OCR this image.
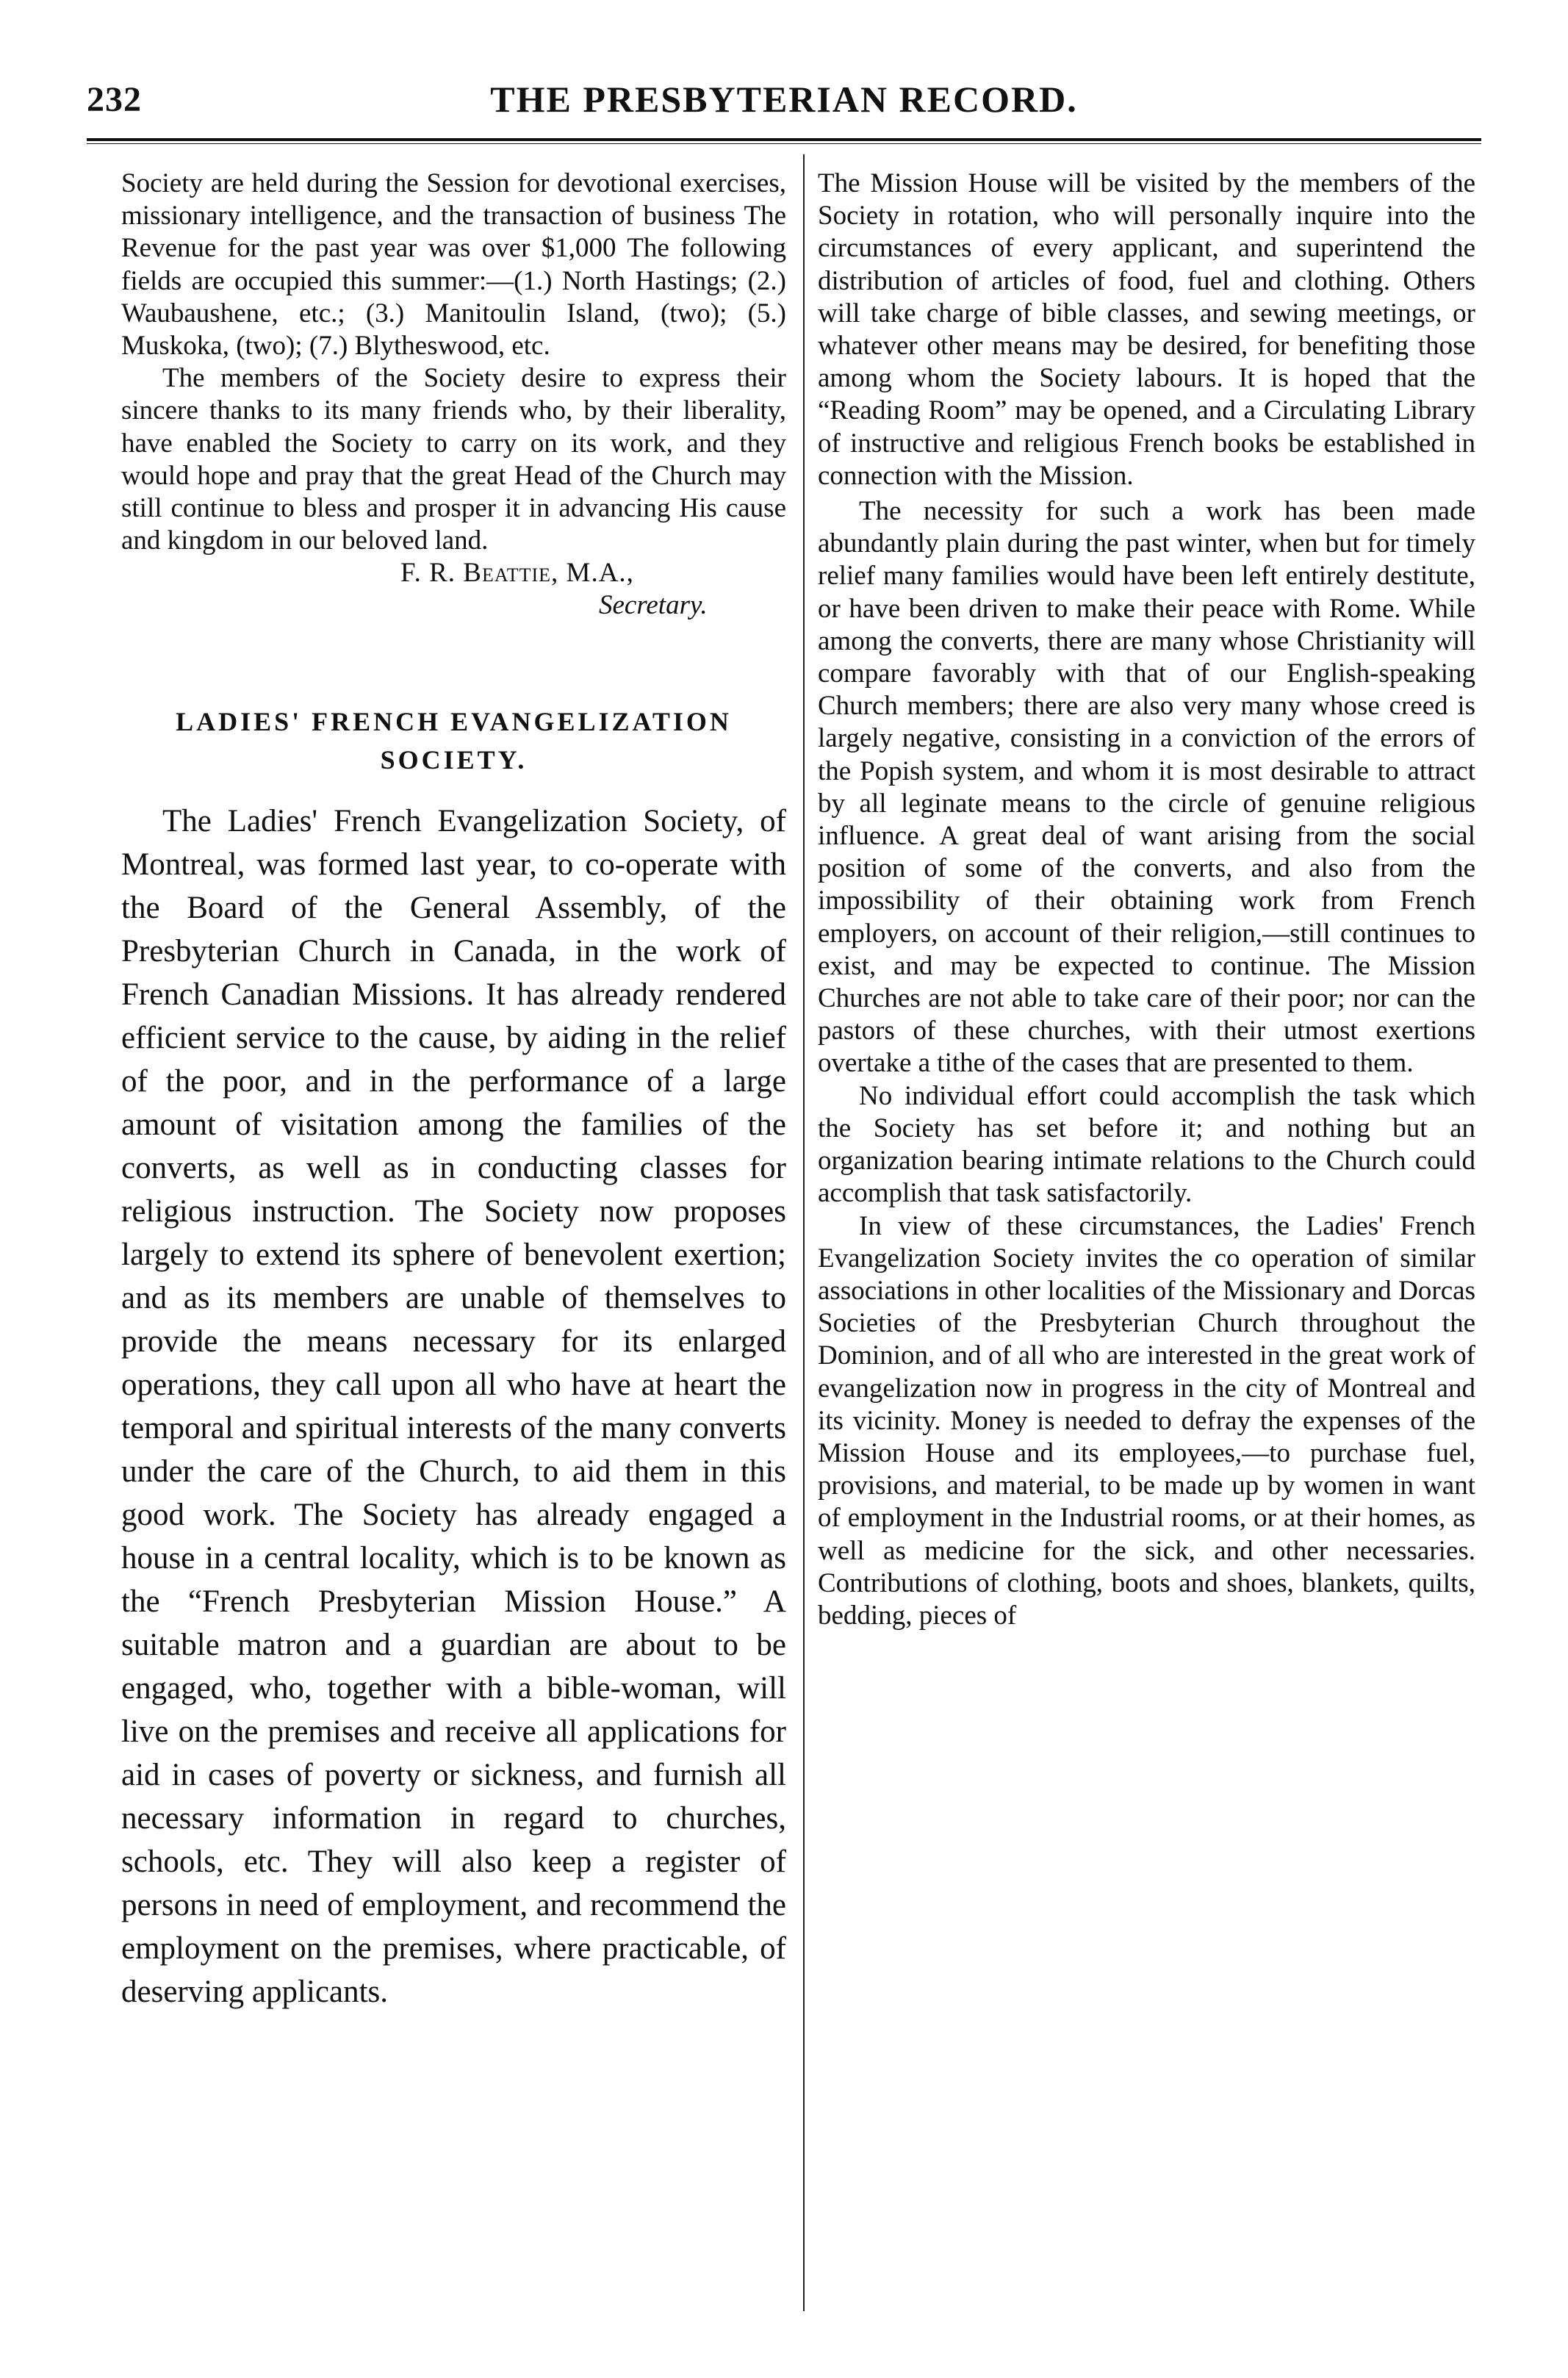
232	THE PRESBYTERIAN RECORD.

Society are held during the Session for devotional exercises, missionary intelligence, and the transaction of business The Revenue for the past year was over $1,000 The following fields are occupied this summer:—(1.) North Hastings; (2.) Waubaushene, etc.; (3.) Manitoulin Island, (two); (5.) Muskoka, (two); (7.) Blytheswood, etc.

The members of the Society desire to express their sincere thanks to its many friends who, by their liberality, have enabled the Society to carry on its work, and they would hope and pray that the great Head of the Church may still continue to bless and prosper it in advancing His cause and kingdom in our beloved land.

F. R. Beattie, M.A.,
Secretary.
LADIES' FRENCH EVANGELIZATION SOCIETY.

The Ladies' French Evangelization Society, of Montreal, was formed last year, to co-operate with the Board of the General Assembly, of the Presbyterian Church in Canada, in the work of French Canadian Missions. It has already rendered efficient service to the cause, by aiding in the relief of the poor, and in the performance of a large amount of visitation among the families of the converts, as well as in conducting classes for religious instruction. The Society now proposes largely to extend its sphere of benevolent exertion; and as its members are unable of themselves to provide the means necessary for its enlarged operations, they call upon all who have at heart the temporal and spiritual interests of the many converts under the care of the Church, to aid them in this good work. The Society has already engaged a house in a central locality, which is to be known as the “French Presbyterian Mission House.” A suitable matron and a guardian are about to be engaged, who, together with a bible-woman, will live on the premises and receive all applications for aid in cases of poverty or sickness, and furnish all necessary information in regard to churches, schools, etc. They will also keep a register of persons in need of employment, and recommend the employment on the premises, where practicable, of deserving applicants.

The Mission House will be visited by the members of the Society in rotation, who will personally inquire into the circumstances of every applicant, and superintend the distribution of articles of food, fuel and clothing. Others will take charge of bible classes, and sewing meetings, or whatever other means may be desired, for benefiting those among whom the Society labours. It is hoped that the “Reading Room” may be opened, and a Circulating Library of instructive and religious French books be established in connection with the Mission.

The necessity for such a work has been made abundantly plain during the past winter, when but for timely relief many families would have been left entirely destitute, or have been driven to make their peace with Rome. While among the converts, there are many whose Christianity will compare favorably with that of our English-speaking Church members; there are also very many whose creed is largely negative, consisting in a conviction of the errors of the Popish system, and whom it is most desirable to attract by all leginate means to the circle of genuine religious influence. A great deal of want arising from the social position of some of the converts, and also from the impossibility of their obtaining work from French employers, on account of their religion,—still continues to exist, and may be expected to continue. The Mission Churches are not able to take care of their poor; nor can the pastors of these churches, with their utmost exertions overtake a tithe of the cases that are presented to them.

No individual effort could accomplish the task which the Society has set before it; and nothing but an organization bearing intimate relations to the Church could accomplish that task satisfactorily.

In view of these circumstances, the Ladies' French Evangelization Society invites the co operation of similar associations in other localities of the Missionary and Dorcas Societies of the Presbyterian Church throughout the Dominion, and of all who are interested in the great work of evangelization now in progress in the city of Montreal and its vicinity. Money is needed to defray the expenses of the Mission House and its employees,—to purchase fuel, provisions, and material, to be made up by women in want of employment in the Industrial rooms, or at their homes, as well as medicine for the sick, and other necessaries. Contributions of clothing, boots and shoes, blankets, quilts, bedding, pieces of
